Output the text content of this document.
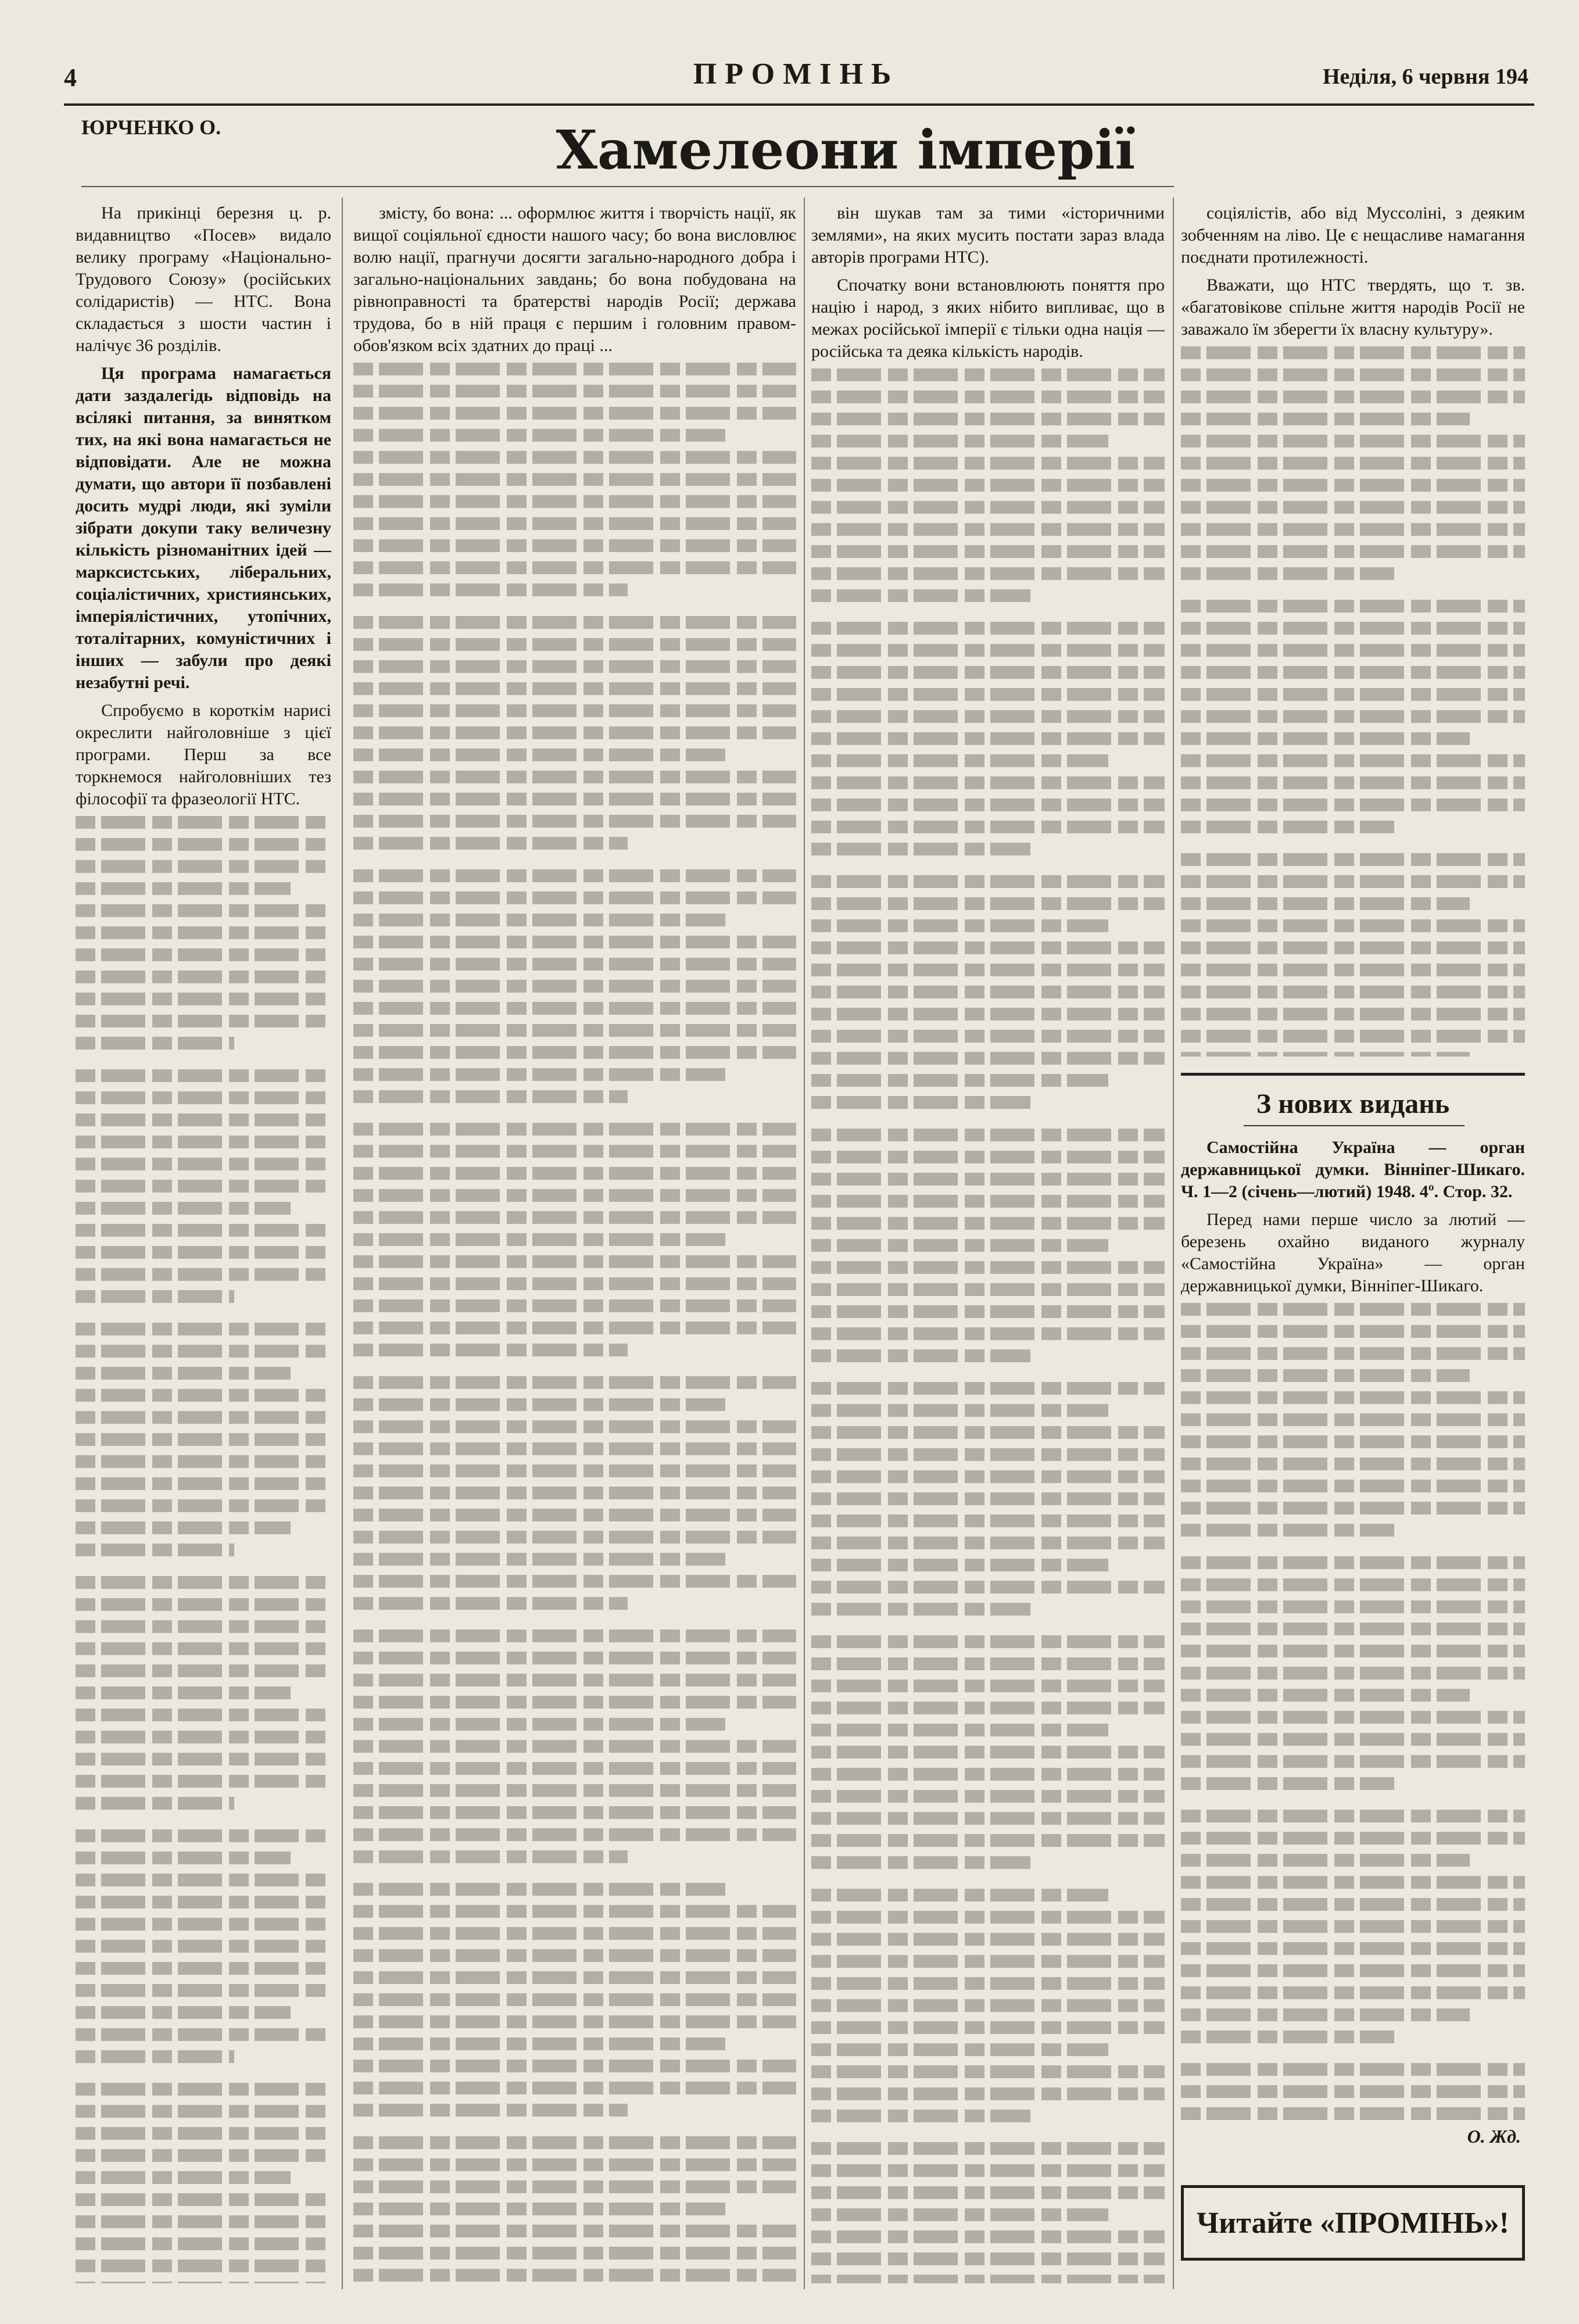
4	ПРОМІНЬ	Неділя, 6 червня 194
ЮРЧЕНКО О.	Хамелеони імперії

На прикінці березня ц. р. видавництво «Посев» видало велику програму «Національно-Трудового Союзу» (російських солідаристів) — НТС. Вона складається з шости частин і налічує 36 розділів.

Ця програма намагається дати заздалегідь відповідь на всілякі питання, за винятком тих, на які вона намагається не відповідати. Але не можна думати, що автори її позбавлені досить мудрі люди, які зуміли зібрати докупи таку величезну кількість різноманітних ідей — марксистських, ліберальних, соціалістичних, християнських, імперіялістичних, утопічних, тоталітарних, комуністичних і інших — забули про деякі незабутні речі.

Спробуємо в короткім нарисі окреслити найголовніше з цієї програми. Перш за все торкнемося найголовніших тез філософії та фразеології НТС.

змісту, бо вона: ... оформлює життя і творчість нації, як вищої соціяльної єдности нашого часу; бо вона висловлює волю нації, прагнучи досягти загально-народного добра і загально-національних завдань; бо вона побудована на рівноправності та братерстві народів Росії; держава трудова, бо в ній праця є першим і головним правом-обов'язком всіх здатних до праці ...

він шукав там за тими «історичними землями», на яких мусить постати зараз влада авторів програми НТС).

Спочатку вони встановлюють поняття про націю і народ, з яких нібито випливає, що в межах російської імперії є тільки одна нація — російська та деяка кількість народів.

соціялістів, або від Муссоліні, з деяким зобченням на ліво. Це є нещасливе намагання поєднати протилежності.

Вважати, що НТС твердять, що т. зв. «багатовікове спільне життя народів Росії не заважало їм зберегти їх власну культуру».

З нових видань

Самостійна Україна — орган державницької думки. Вінніпег-Шикаго. Ч. 1—2 (січень—лютий) 1948. 4º. Стор. 32.

Перед нами перше число за лютий — березень охайно виданого журналу «Самостійна Україна» — орган державницької думки, Вінніпег-Шикаго.

О. Жд.
Читайте «ПРОМІНЬ»!
